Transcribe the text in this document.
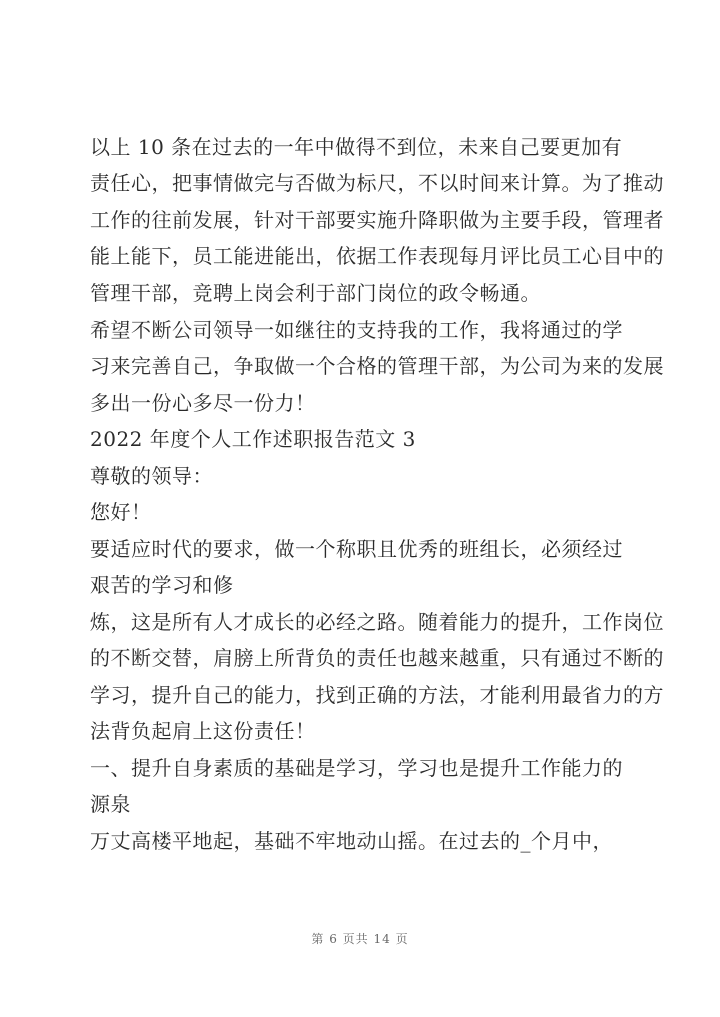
以上 10 条在过去的一年中做得不到位，未来自己要更加有
责任心，把事情做完与否做为标尺，不以时间来计算。为了推动
工作的往前发展，针对干部要实施升降职做为主要手段，管理者
能上能下，员工能进能出，依据工作表现每月评比员工心目中的
管理干部，竞聘上岗会利于部门岗位的政令畅通。
希望不断公司领导一如继往的支持我的工作，我将通过的学
习来完善自己，争取做一个合格的管理干部，为公司为来的发展
多出一份心多尽一份力！
2022 年度个人工作述职报告范文 3
尊敬的领导：
您好！
要适应时代的要求，做一个称职且优秀的班组长，必须经过
艰苦的学习和修
炼，这是所有人才成长的必经之路。随着能力的提升，工作岗位
的不断交替，肩膀上所背负的责任也越来越重，只有通过不断的
学习，提升自己的能力，找到正确的方法，才能利用最省力的方
法背负起肩上这份责任！
一、提升自身素质的基础是学习，学习也是提升工作能力的
源泉
万丈高楼平地起，基础不牢地动山摇。在过去的_个月中，
第 6 页共 14 页
